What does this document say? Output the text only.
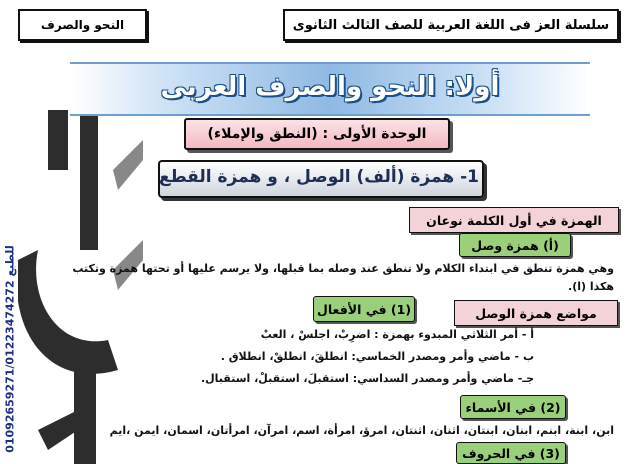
للطبع 01092659271/01223474272
سلسلة العز فى اللغة العربية للصف الثالث الثانوى
النحو والصرف
أولا: النحو والصرف العربى
الوحدة الأولى : (النطق والإملاء)
1- همزة (ألف) الوصل ، و همزة القطع
الهمزة في أول الكلمة نوعان
(أ) همزة وصل
وهي همزة تنطق في ابتداء الكلام ولا تنطق عند وصله بما قبلها، ولا يرسم عليها أو تحتها همزة وتكتب
هكذا (ا).
مواضع همزة الوصل
(1) في الأفعال
أ - أمر الثلاثي المبدوء بهمزة : اضرِبْ، اجلسْ ، العبْ
ب - ماضي وأمر ومصدر الخماسي: انطلقَ، انطلقْ، انطلاق .
جـ- ماضي وأمر ومصدر السداسي: استقبلَ، استقبلْ، استقبال.
(2) في الأسماء
ابن، ابنة، ابنم، ابنان، ابنتان، اثنان، اثنتان، امرؤ، امرأة، اسم، امرآن، امرأتان، اسمان، ايمن ،ايم
(3) في الحروف
